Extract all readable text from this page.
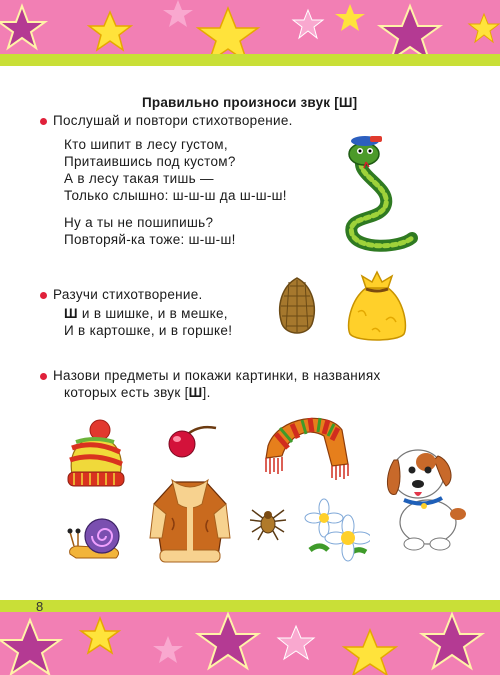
Правильно произноси звук [Ш]
Послушай и повтори стихотворение.
Кто шипит в лесу густом,
Притаившись под кустом?
А в лесу такая тишь —
Только слышно: ш-ш-ш да ш-ш-ш!
Ну а ты не пошипишь?
Повторяй-ка тоже: ш-ш-ш!
Разучи стихотворение.
Ш и в шишке, и в мешке,
И в картошке, и в горшке!
Назови предметы и покажи картинки, в названиях
которых есть звук [Ш].
8
